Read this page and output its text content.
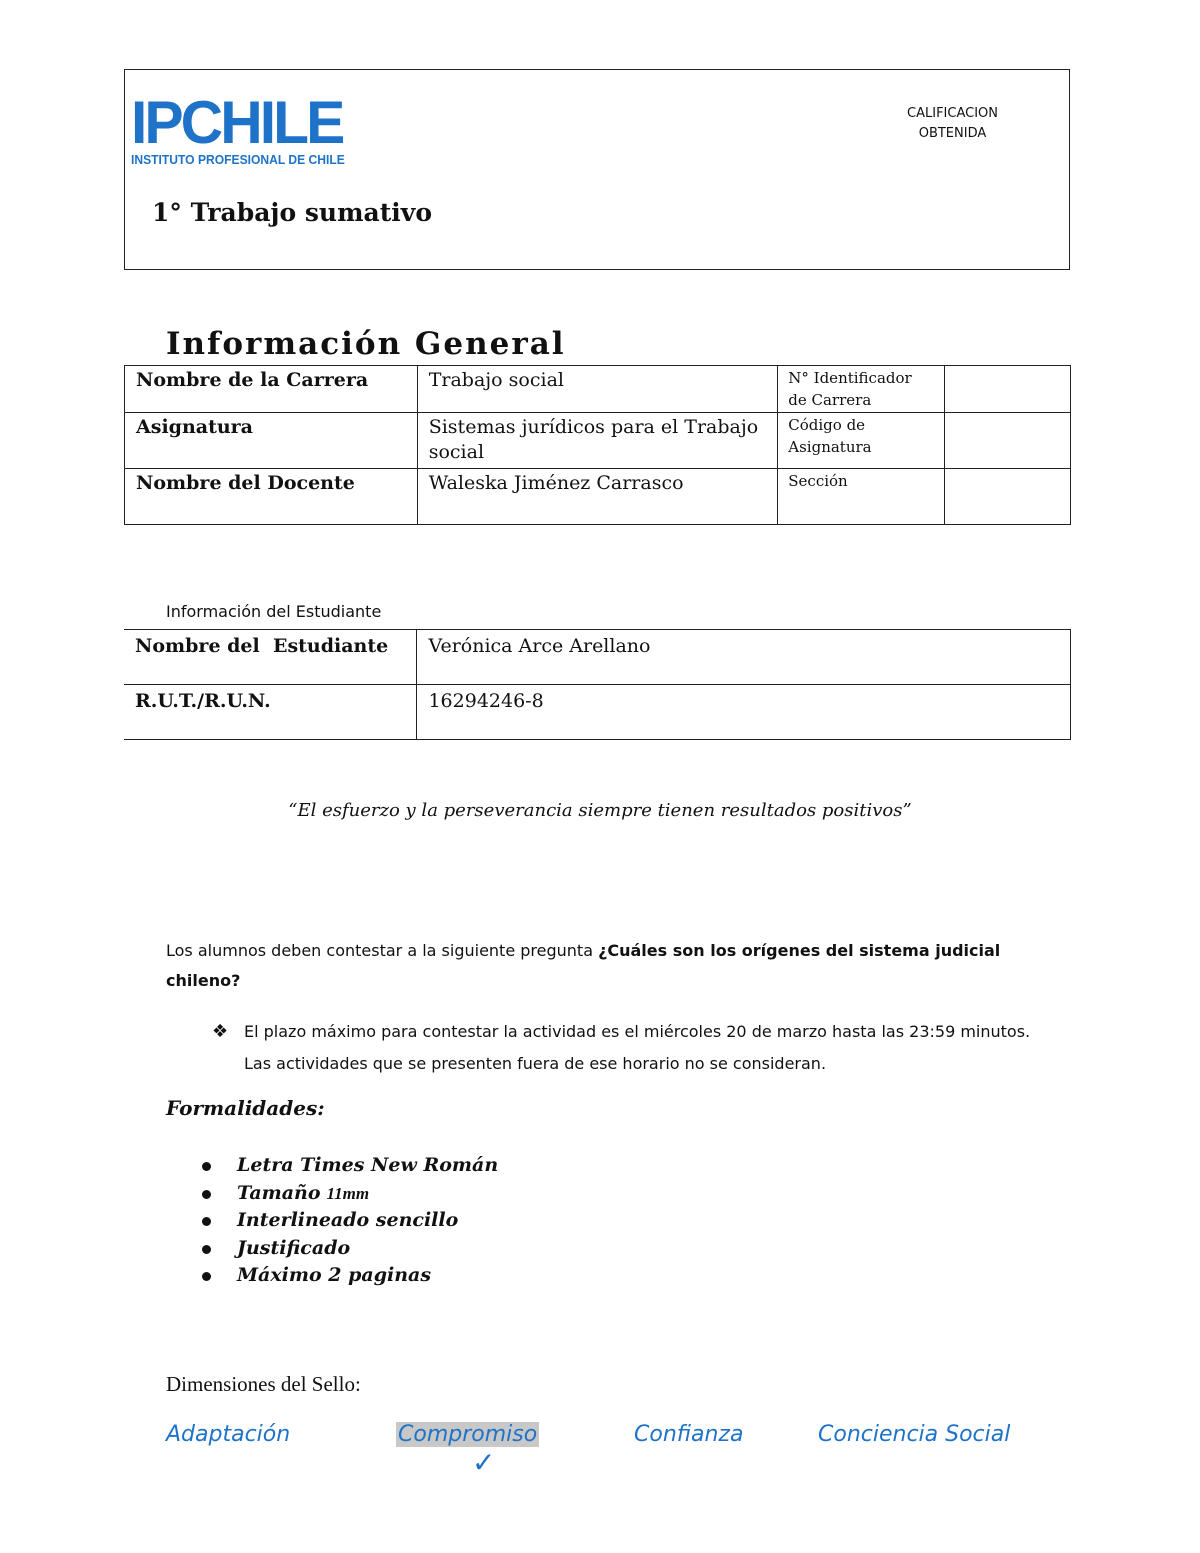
IPCHILE
INSTITUTO PROFESIONAL DE CHILE
CALIFICACION
OBTENIDA
1° Trabajo sumativo
Información General
Nombre de la Carrera	Trabajo social	N° Identificador de Carrera	
Asignatura	Sistemas jurídicos para el Trabajo social	Código de Asignatura	
Nombre del Docente	Waleska Jiménez Carrasco	Sección	
Información del Estudiante
Nombre del  Estudiante	Verónica Arce Arellano
R.U.T./R.U.N.	16294246-8
“El esfuerzo y la perseverancia siempre tienen resultados positivos”
Los alumnos deben contestar a la siguiente pregunta ¿Cuáles son los orígenes del sistema judicial chileno?
❖ El plazo máximo para contestar la actividad es el miércoles 20 de marzo hasta las 23:59 minutos. Las actividades que se presenten fuera de ese horario no se consideran.
Formalidades:
Letra Times New Román
Tamaño 11mm
Interlineado sencillo
Justificado
Máximo 2 paginas
Dimensiones del Sello:
Adaptación	Compromiso	Confianza	Conciencia Social
✓
